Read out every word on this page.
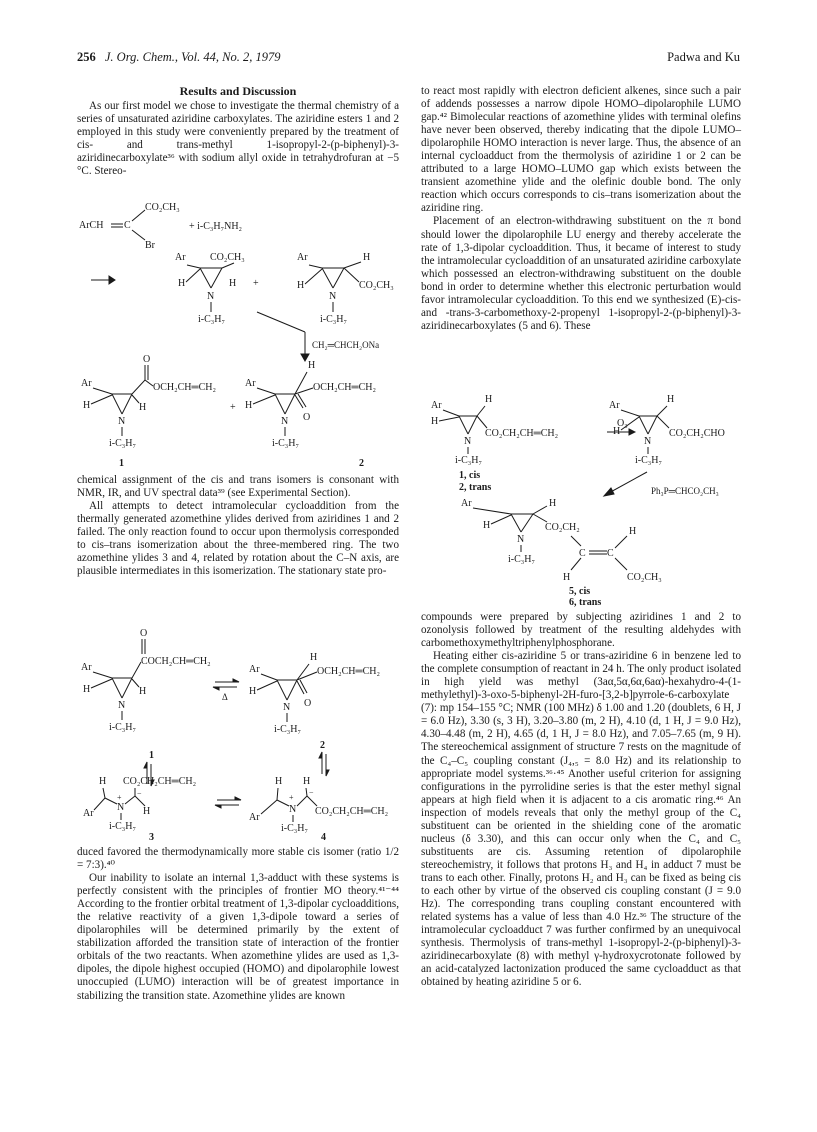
256 J. Org. Chem., Vol. 44, No. 2, 1979	Padwa and Ku
Results and Discussion

As our first model we chose to investigate the thermal chemistry of a series of unsaturated aziridine carboxylates. The aziridine esters 1 and 2 employed in this study were conveniently prepared by the treatment of cis- and trans-methyl 1-isopropyl-2-(p-biphenyl)-3-aziridinecarboxylate³⁶ with sodium allyl oxide in tetrahydrofuran at −5 °C. Stereo-

ArCH C
CO₂CH₃
Br
+ i-C₃H₇NH₂
Ar CO₂CH₃
H	H
N
i-C₃H₇
+
Ar	H
H	CO₂CH₃
N
i-C₃H₇
CH₂═CHCH₂ONa
O
Ar	OCH₂CH═CH₂
H	H
N
i-C₃H₇
1
+
Ar
H
OCH₂CH═CH₂
H
O
N
i-C₃H₇
2

chemical assignment of the cis and trans isomers is consonant with NMR, IR, and UV spectral data³⁹ (see Experimental Section).

All attempts to detect intramolecular cycloaddition from the thermally generated azomethine ylides derived from aziridines 1 and 2 failed. The only reaction found to occur upon thermolysis corresponded to cis–trans isomerization about the three-membered ring. The two azomethine ylides 3 and 4, related by rotation about the C–N axis, are plausible intermediates in this isomerization. The stationary state pro-

O
COCH₂CH═CH₂
Ar
H	H
N
i-C₃H₇
1
Δ
Ar
H
OCH₂CH═CH₂
H
O
N
i-C₃H₇
2
H CO₂CH₂CH═CH₂
Ar
+
N
−
H
i-C₃H₇
3
H H
Ar
+
N
−
CO₂CH₂CH═CH₂
i-C₃H₇
4

duced favored the thermodynamically more stable cis isomer (ratio 1/2 = 7:3).⁴⁰

Our inability to isolate an internal 1,3-adduct with these systems is perfectly consistent with the principles of frontier MO theory.⁴¹⁻⁴⁴ According to the frontier orbital treatment of 1,3-dipolar cycloadditions, the relative reactivity of a given 1,3-dipole toward a series of dipolarophiles will be determined primarily by the extent of stabilization afforded the transition state of interaction of the frontier orbitals of the two reactants. When azomethine ylides are used as 1,3-dipoles, the dipole highest occupied (HOMO) and dipolarophile lowest unoccupied (LUMO) interaction will be of greatest importance in stabilizing the transition state. Azomethine ylides are known

to react most rapidly with electron deficient alkenes, since such a pair of addends possesses a narrow dipole HOMO–dipolarophile LUMO gap.⁴² Bimolecular reactions of azomethine ylides with terminal olefins have never been observed, thereby indicating that the dipole LUMO–dipolarophile HOMO interaction is never large. Thus, the absence of an internal cycloadduct from the thermolysis of aziridine 1 or 2 can be attributed to a large HOMO–LUMO gap which exists between the transient azomethine ylide and the olefinic double bond. The only reaction which occurs corresponds to cis–trans isomerization about the aziridine ring.

Placement of an electron-withdrawing substituent on the π bond should lower the dipolarophile LU energy and thereby accelerate the rate of 1,3-dipolar cycloaddition. Thus, it became of interest to study the intramolecular cycloaddition of an unsaturated aziridine carboxylate which possessed an electron-withdrawing substituent on the double bond in order to determine whether this electronic perturbation would favor intramolecular cycloaddition. To this end we synthesized (E)-cis- and -trans-3-carbomethoxy-2-propenyl 1-isopropyl-2-(p-biphenyl)-3-aziridinecarboxylates (5 and 6). These

Ar
H
H
CO₂CH₂CH═CH₂
N
i-C₃H₇
O₃
Ar
H
H	CO₂CH₂CHO
N
i-C₃H₇
1, cis
2, trans	Ph₃P═CHCO₂CH₃
Ar	H
H	CO₂CH₂
C C
H
CO₂CH₃
H
N
i-C₃H₇
5, cis
6, trans

compounds were prepared by subjecting aziridines 1 and 2 to ozonolysis followed by treatment of the resulting aldehydes with carbomethoxymethyltriphenylphosphorane.

Heating either cis-aziridine 5 or trans-aziridine 6 in benzene led to the complete consumption of reactant in 24 h. The only product isolated in high yield was methyl (3aα,5α,6α,6aα)-hexahydro-4-(1-methylethyl)-3-oxo-5-biphenyl-2H-furo-[3,2-b]pyrrole-6-carboxylate (7): mp 154–155 °C; NMR (100 MHz) δ 1.00 and 1.20 (doublets, 6 H, J = 6.0 Hz), 3.30 (s, 3 H), 3.20–3.80 (m, 2 H), 4.10 (d, 1 H, J = 9.0 Hz), 4.30–4.48 (m, 2 H), 4.65 (d, 1 H, J = 8.0 Hz), and 7.05–7.65 (m, 9 H). The stereochemical assignment of structure 7 rests on the magnitude of the C₄–C₅ coupling constant (J₄,₅ = 8.0 Hz) and its relationship to appropriate model systems.³⁶·⁴⁵ Another useful criterion for assigning configurations in the pyrrolidine series is that the ester methyl signal appears at high field when it is adjacent to a cis aromatic ring.⁴⁶ An inspection of models reveals that only the methyl group of the C₄ substituent can be oriented in the shielding cone of the aromatic nucleus (δ 3.30), and this can occur only when the C₄ and C₅ substituents are cis. Assuming retention of dipolarophile stereochemistry, it follows that protons H₃ and H₄ in adduct 7 must be trans to each other. Finally, protons H₂ and H₃ can be fixed as being cis to each other by virtue of the observed cis coupling constant (J = 9.0 Hz). The corresponding trans coupling constant encountered with related systems has a value of less than 4.0 Hz.³⁶ The structure of the intramolecular cycloadduct 7 was further confirmed by an unequivocal synthesis. Thermolysis of trans-methyl 1-isopropyl-2-(p-biphenyl)-3-aziridinecarboxylate (8) with methyl γ-hydroxycrotonate followed by an acid-catalyzed lactonization produced the same cycloadduct as that obtained by heating aziridine 5 or 6.
